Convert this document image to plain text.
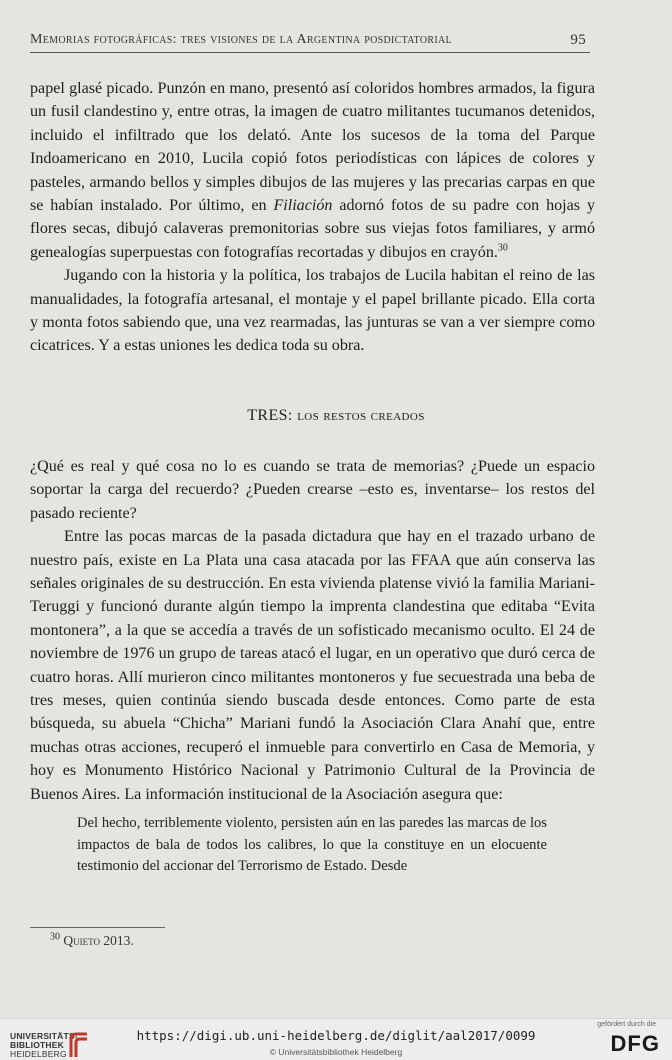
Memorias fotográficas: tres visiones de la Argentina posdictatorial	95

papel glasé picado. Punzón en mano, presentó así coloridos hombres armados, la figura un fusil clandestino y, entre otras, la imagen de cuatro militantes tucumanos detenidos, incluido el infiltrado que los delató. Ante los sucesos de la toma del Parque Indoamericano en 2010, Lucila copió fotos periodísticas con lápices de colores y pasteles, armando bellos y simples dibujos de las mujeres y las precarias carpas en que se habían instalado. Por último, en Filiación adornó fotos de su padre con hojas y flores secas, dibujó calaveras premonitorias sobre sus viejas fotos familiares, y armó genealogías superpuestas con fotografías recortadas y dibujos en crayón.$^{30}$

Jugando con la historia y la política, los trabajos de Lucila habitan el reino de las manualidades, la fotografía artesanal, el montaje y el papel brillante picado. Ella corta y monta fotos sabiendo que, una vez rearmadas, las junturas se van a ver siempre como cicatrices. Y a estas uniones les dedica toda su obra.

TRES: los restos creados

¿Qué es real y qué cosa no lo es cuando se trata de memorias? ¿Puede un espacio soportar la carga del recuerdo? ¿Pueden crearse –esto es, inventarse– los restos del pasado reciente?

Entre las pocas marcas de la pasada dictadura que hay en el trazado urbano de nuestro país, existe en La Plata una casa atacada por las FFAA que aún conserva las señales originales de su destrucción. En esta vivienda platense vivió la familia Mariani-Teruggi y funcionó durante algún tiempo la imprenta clandestina que editaba “Evita montonera”, a la que se accedía a través de un sofisticado mecanismo oculto. El 24 de noviembre de 1976 un grupo de tareas atacó el lugar, en un operativo que duró cerca de cuatro horas. Allí murieron cinco militantes montoneros y fue secuestrada una beba de tres meses, quien continúa siendo buscada desde entonces. Como parte de esta búsqueda, su abuela “Chicha” Mariani fundó la Asociación Clara Anahí que, entre muchas otras acciones, recuperó el inmueble para convertirlo en Casa de Memoria, y hoy es Monumento Histórico Nacional y Patrimonio Cultural de la Provincia de Buenos Aires. La información institucional de la Asociación asegura que:

Del hecho, terriblemente violento, persisten aún en las paredes las marcas de los impactos de bala de todos los calibres, lo que la constituye en un elocuente testimonio del accionar del Terrorismo de Estado. Desde

$^{30}$ Quieto 2013.
UNIVERSITÄTS-
BIBLIOTHEK
HEIDELBERG
https://digi.ub.uni-heidelberg.de/diglit/aal2017/0099
© Universitätsbibliothek Heidelberg
gefördert durch die
DFG
